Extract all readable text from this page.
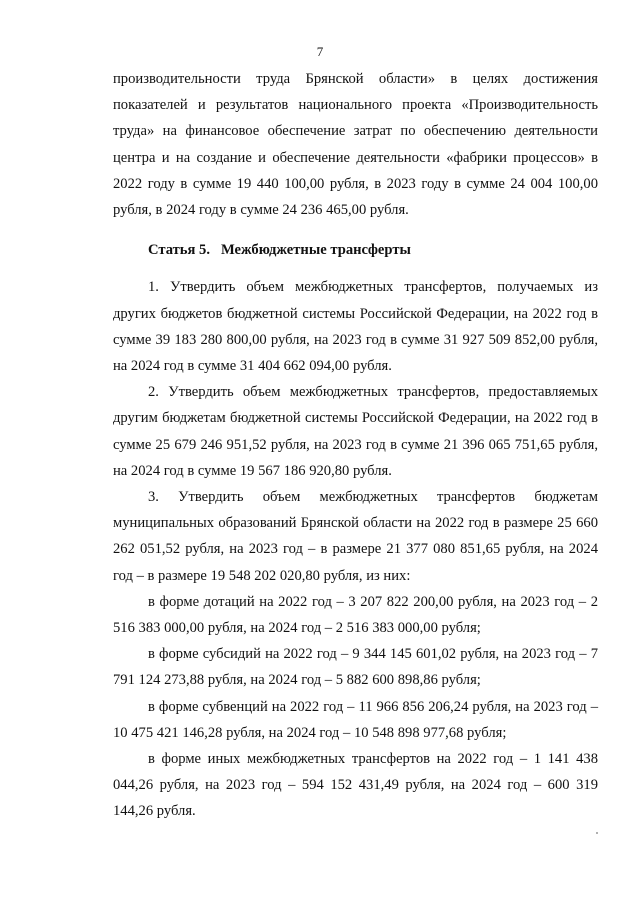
7

производительности труда Брянской области» в целях достижения показателей и результатов национального проекта «Производительность труда» на финансовое обеспечение затрат по обеспечению деятельности центра и на создание и обеспечение деятельности «фабрики процессов» в 2022 году в сумме 19 440 100,00 рубля, в 2023 году в сумме 24 004 100,00 рубля, в 2024 году в сумме 24 236 465,00 рубля.

Статья 5. Межбюджетные трансферты

1. Утвердить объем межбюджетных трансфертов, получаемых из других бюджетов бюджетной системы Российской Федерации, на 2022 год в сумме 39 183 280 800,00 рубля, на 2023 год в сумме 31 927 509 852,00 рубля, на 2024 год в сумме 31 404 662 094,00 рубля.

2. Утвердить объем межбюджетных трансфертов, предоставляемых другим бюджетам бюджетной системы Российской Федерации, на 2022 год в сумме 25 679 246 951,52 рубля, на 2023 год в сумме 21 396 065 751,65 рубля, на 2024 год в сумме 19 567 186 920,80 рубля.

3. Утвердить объем межбюджетных трансфертов бюджетам муниципальных образований Брянской области на 2022 год в размере 25 660 262 051,52 рубля, на 2023 год – в размере 21 377 080 851,65 рубля, на 2024 год – в размере 19 548 202 020,80 рубля, из них:

в форме дотаций на 2022 год – 3 207 822 200,00 рубля, на 2023 год – 2 516 383 000,00 рубля, на 2024 год – 2 516 383 000,00 рубля;

в форме субсидий на 2022 год – 9 344 145 601,02 рубля, на 2023 год – 7 791 124 273,88 рубля, на 2024 год – 5 882 600 898,86 рубля;

в форме субвенций на 2022 год – 11 966 856 206,24 рубля, на 2023 год – 10 475 421 146,28 рубля, на 2024 год – 10 548 898 977,68 рубля;

в форме иных межбюджетных трансфертов на 2022 год – 1 141 438 044,26 рубля, на 2023 год – 594 152 431,49 рубля, на 2024 год – 600 319 144,26 рубля.
